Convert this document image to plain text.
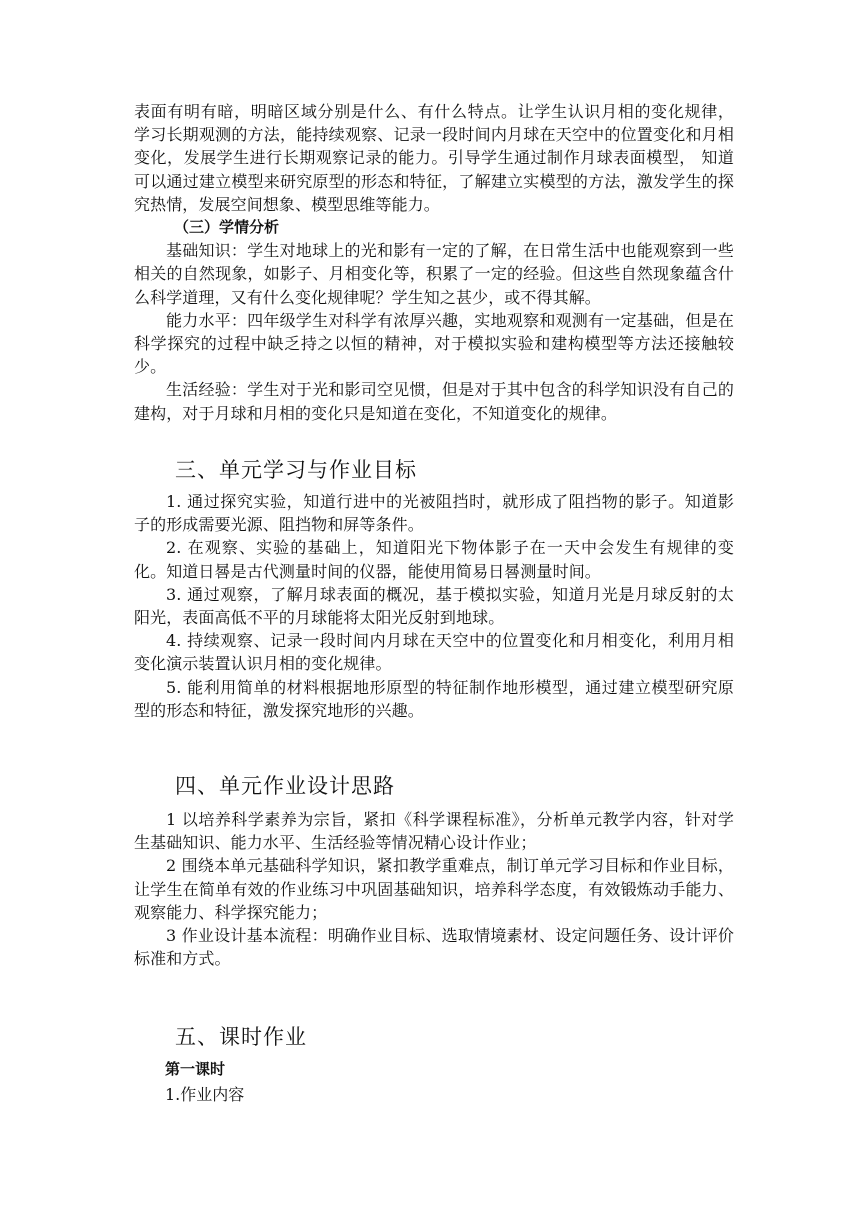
表面有明有暗，明暗区域分别是什么、有什么特点。让学生认识月相的变化规律， 学习长期观测的方法，能持续观察、记录一段时间内月球在天空中的位置变化和月相变化，发展学生进行长期观察记录的能力。引导学生通过制作月球表面模型， 知道可以通过建立模型来研究原型的形态和特征，了解建立实模型的方法，激发学生的探究热情，发展空间想象、模型思维等能力。

（三）学情分析

基础知识：学生对地球上的光和影有一定的了解，在日常生活中也能观察到一些相关的自然现象，如影子、月相变化等，积累了一定的经验。但这些自然现象蕴含什么科学道理，又有什么变化规律呢？学生知之甚少，或不得其解。

能力水平：四年级学生对科学有浓厚兴趣，实地观察和观测有一定基础，但是在科学探究的过程中缺乏持之以恒的精神，对于模拟实验和建构模型等方法还接触较少。

生活经验：学生对于光和影司空见惯，但是对于其中包含的科学知识没有自己的建构，对于月球和月相的变化只是知道在变化，不知道变化的规律。

三、单元学习与作业目标

1. 通过探究实验，知道行进中的光被阻挡时，就形成了阻挡物的影子。知道影子的形成需要光源、阻挡物和屏等条件。

2. 在观察、实验的基础上，知道阳光下物体影子在一天中会发生有规律的变化。知道日晷是古代测量时间的仪器，能使用简易日晷测量时间。

3. 通过观察，了解月球表面的概况，基于模拟实验，知道月光是月球反射的太阳光，表面高低不平的月球能将太阳光反射到地球。

4. 持续观察、记录一段时间内月球在天空中的位置变化和月相变化，利用月相变化演示装置认识月相的变化规律。

5. 能利用简单的材料根据地形原型的特征制作地形模型，通过建立模型研究原型的形态和特征，激发探究地形的兴趣。

四、单元作业设计思路

1 以培养科学素养为宗旨，紧扣《科学课程标准》，分析单元教学内容，针对学生基础知识、能力水平、生活经验等情况精心设计作业；

2 围绕本单元基础科学知识，紧扣教学重难点，制订单元学习目标和作业目标，让学生在简单有效的作业练习中巩固基础知识，培养科学态度，有效锻炼动手能力、观察能力、科学探究能力；

3 作业设计基本流程：明确作业目标、选取情境素材、设定问题任务、设计评价标准和方式。

五、课时作业

第一课时

1.作业内容
